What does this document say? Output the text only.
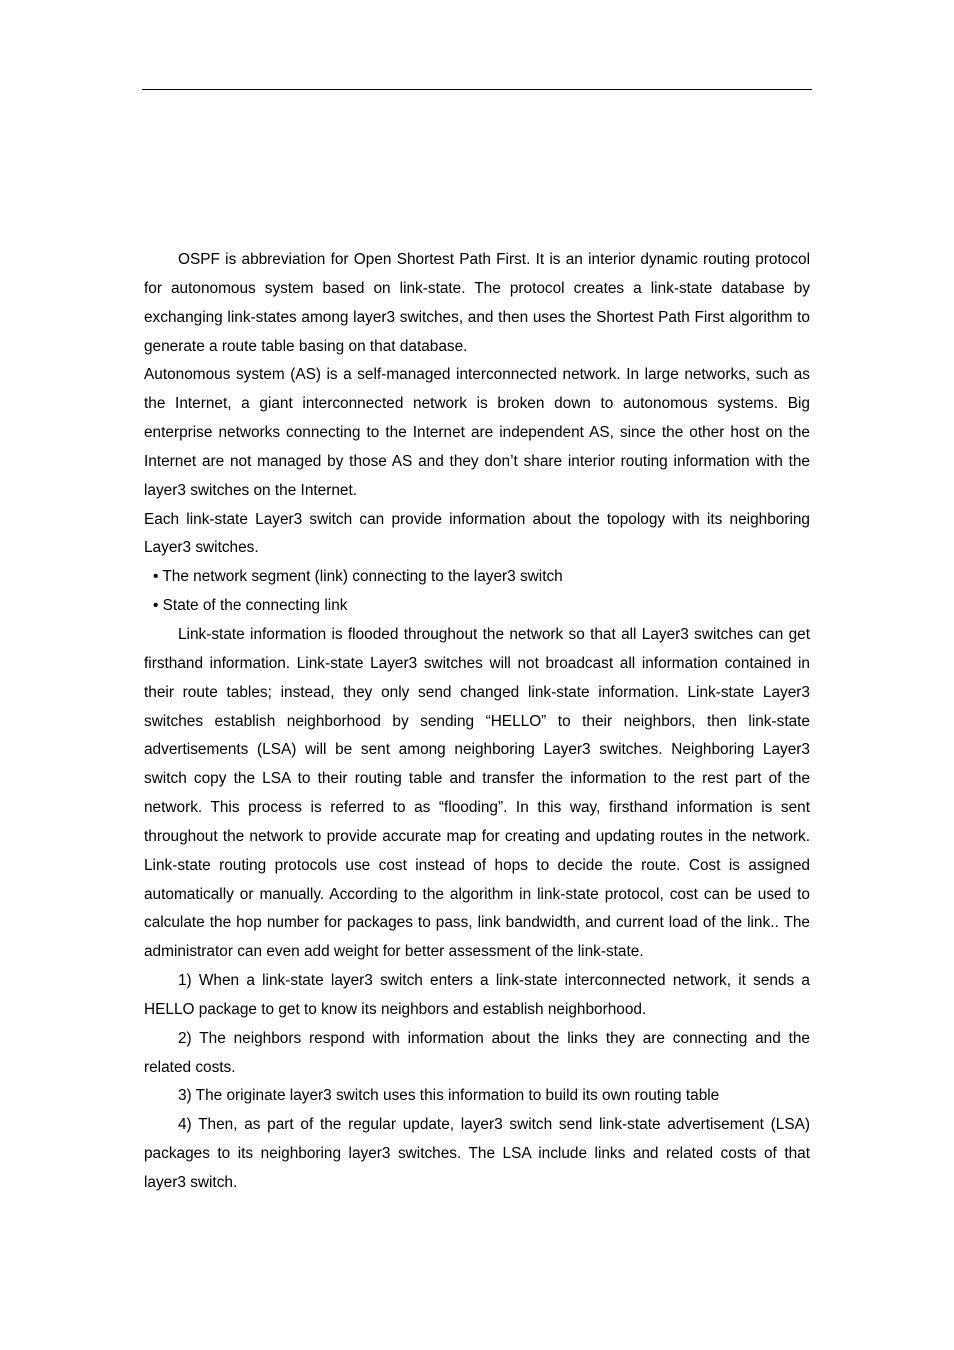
OSPF is abbreviation for Open Shortest Path First. It is an interior dynamic routing protocol for autonomous system based on link-state. The protocol creates a link-state database by exchanging link-states among layer3 switches, and then uses the Shortest Path First algorithm to generate a route table basing on that database.

Autonomous system (AS) is a self-managed interconnected network. In large networks, such as the Internet, a giant interconnected network is broken down to autonomous systems. Big enterprise networks connecting to the Internet are independent AS, since the other host on the Internet are not managed by those AS and they don’t share interior routing information with the layer3 switches on the Internet.

Each link-state Layer3 switch can provide information about the topology with its neighboring Layer3 switches.

• The network segment (link) connecting to the layer3 switch

• State of the connecting link

Link-state information is flooded throughout the network so that all Layer3 switches can get firsthand information. Link-state Layer3 switches will not broadcast all information contained in their route tables; instead, they only send changed link-state information. Link-state Layer3 switches establish neighborhood by sending “HELLO” to their neighbors, then link-state advertisements (LSA) will be sent among neighboring Layer3 switches. Neighboring Layer3 switch copy the LSA to their routing table and transfer the information to the rest part of the network. This process is referred to as “flooding”. In this way, firsthand information is sent throughout the network to provide accurate map for creating and updating routes in the network. Link-state routing protocols use cost instead of hops to decide the route. Cost is assigned automatically or manually. According to the algorithm in link-state protocol, cost can be used to calculate the hop number for packages to pass, link bandwidth, and current load of the link.. The administrator can even add weight for better assessment of the link-state.

1) When a link-state layer3 switch enters a link-state interconnected network, it sends a HELLO package to get to know its neighbors and establish neighborhood.

2) The neighbors respond with information about the links they are connecting and the related costs.

3) The originate layer3 switch uses this information to build its own routing table

4) Then, as part of the regular update, layer3 switch send link-state advertisement (LSA) packages to its neighboring layer3 switches. The LSA include links and related costs of that layer3 switch.
